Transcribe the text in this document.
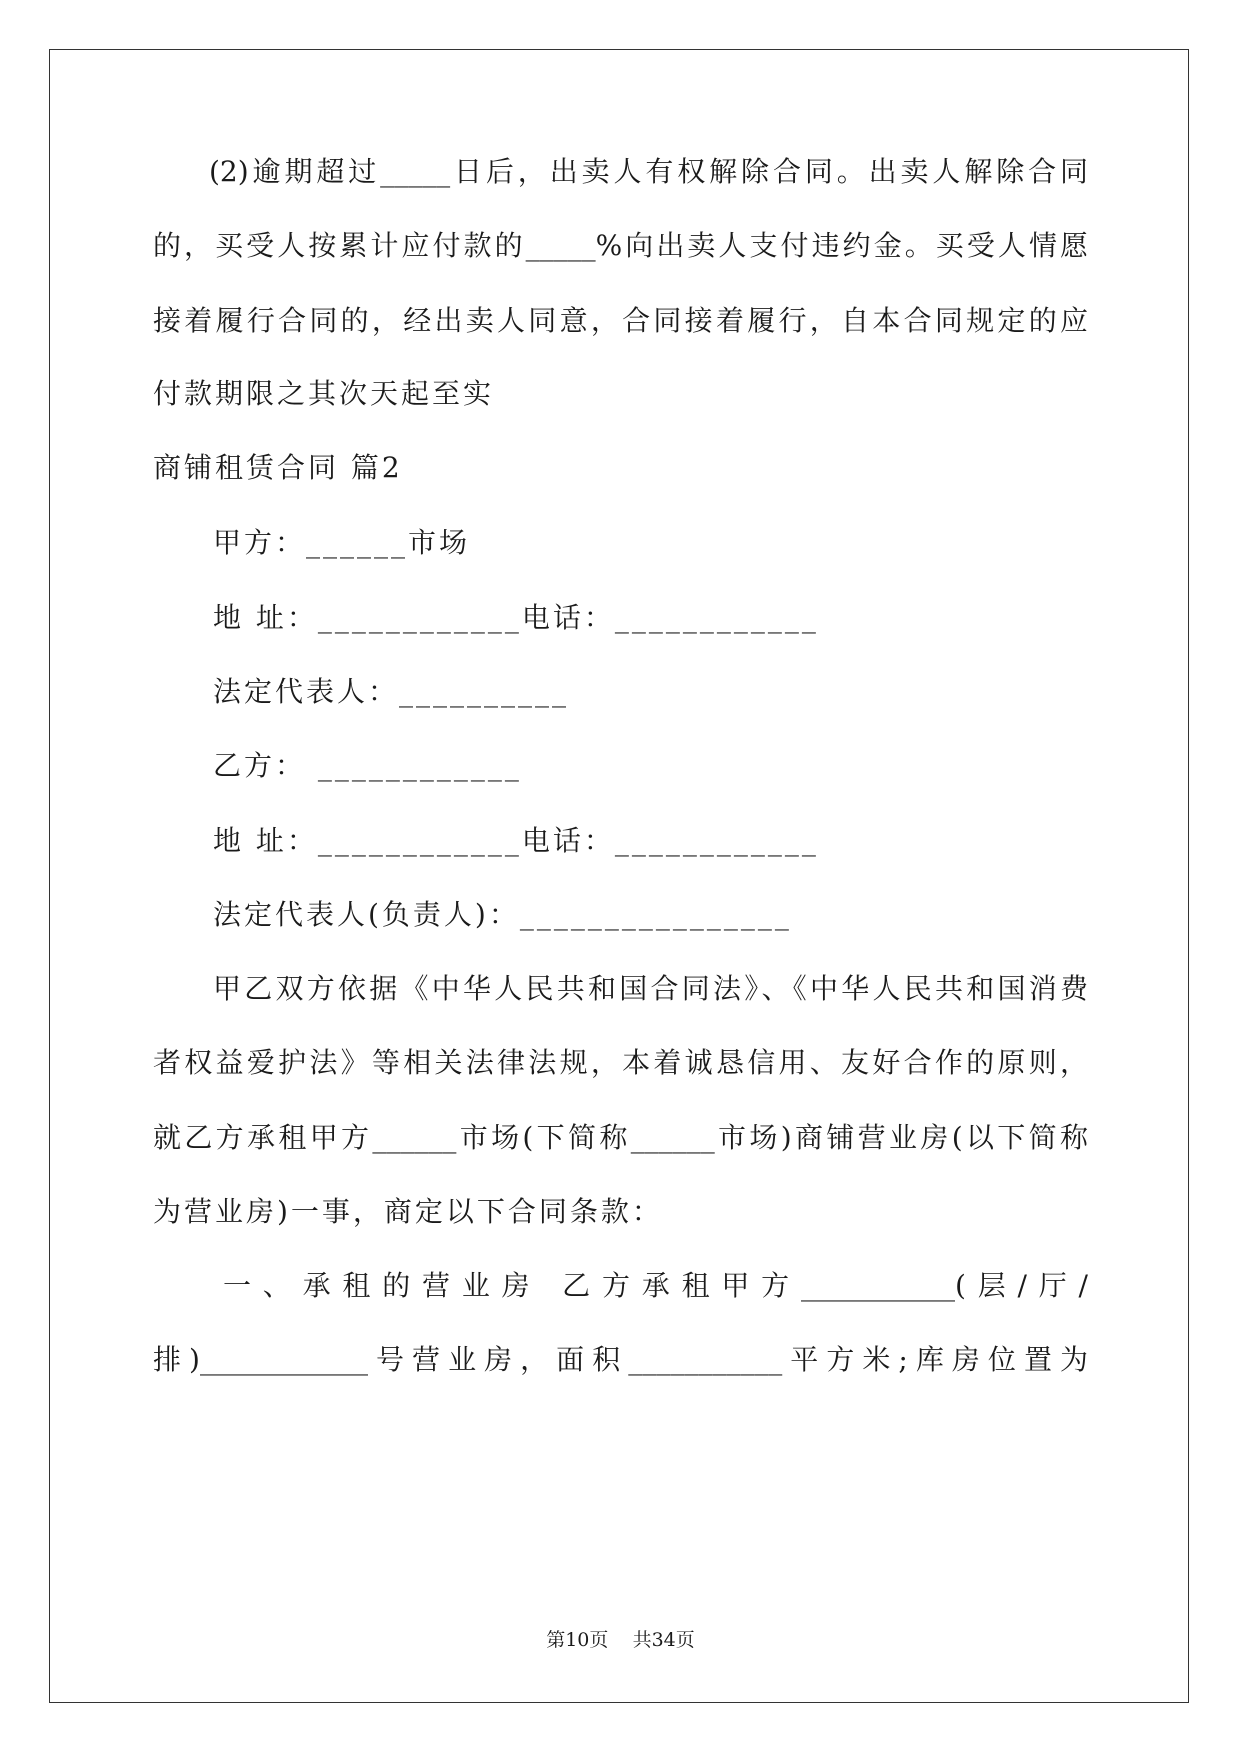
(2)逾期超过_____日后，出卖人有权解除合同。出卖人解除合同
的，买受人按累计应付款的_____%向出卖人支付违约金。买受人情愿
接着履行合同的，经出卖人同意，合同接着履行，自本合同规定的应
付款期限之其次天起至实
商铺租赁合同 篇2
甲方：______市场
地 址：____________电话：____________
法定代表人：__________
乙方： ____________
地 址：____________电话：____________
法定代表人(负责人)：________________
甲乙双方依据《中华人民共和国合同法》、《中华人民共和国消费
者权益爱护法》等相关法律法规，本着诚恳信用、友好合作的原则，
就乙方承租甲方______市场(下简称______市场)商铺营业房(以下简称
为营业房)一事，商定以下合同条款：
一、承租的营业房 乙方承租甲方___________(层/厅/
排)____________号营业房，面积___________平方米;库房位置为
第10页 共34页
